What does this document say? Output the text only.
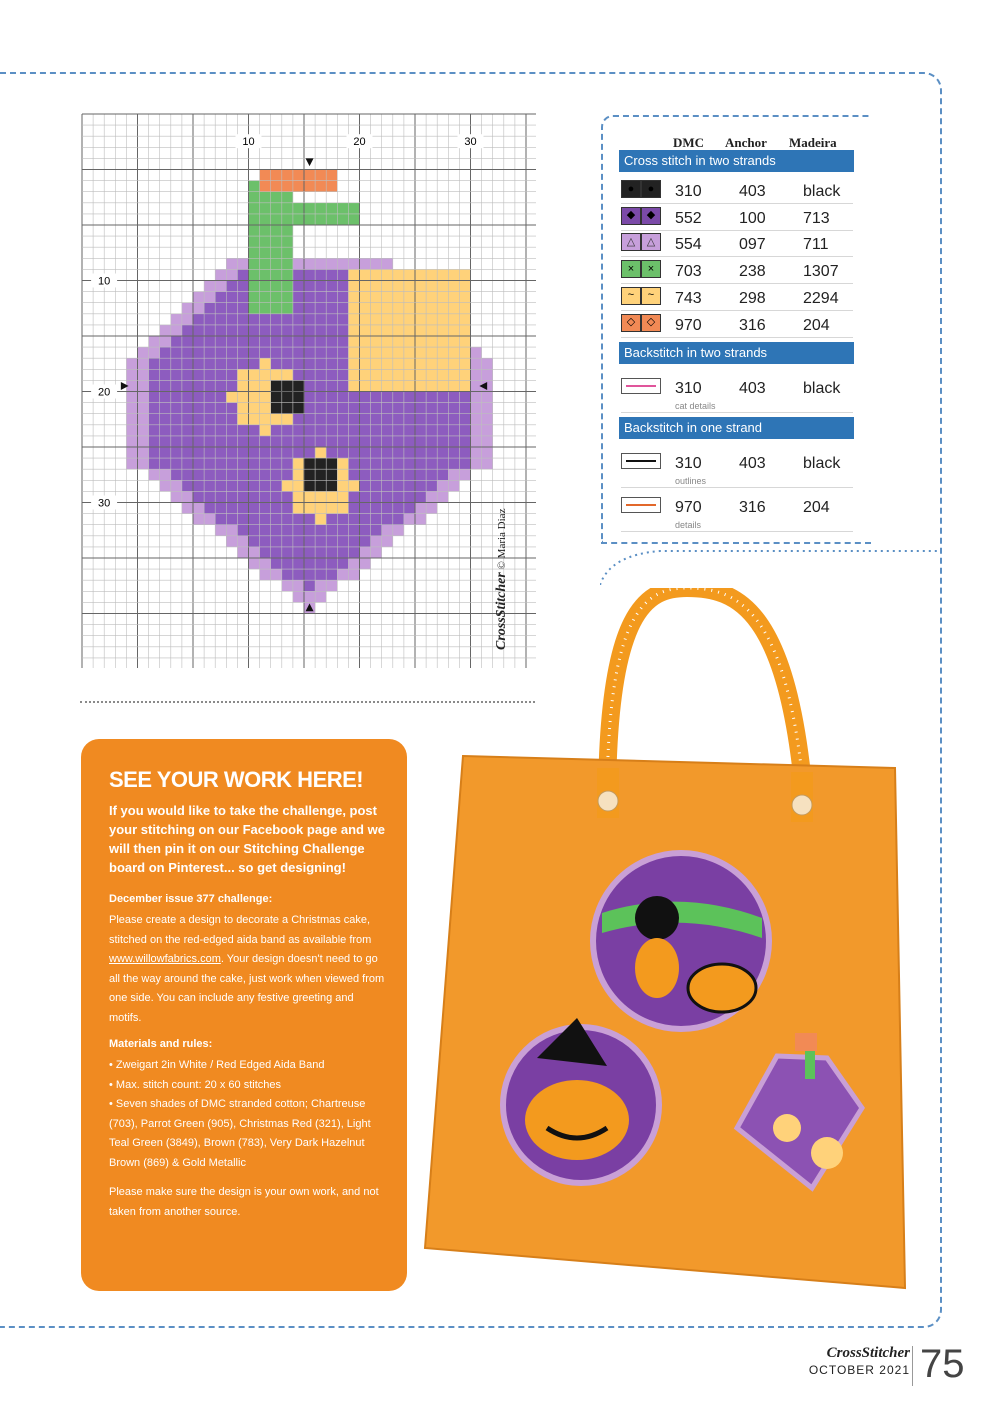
10	20	30
10
20
30
CrossStitcher © Maria Diaz
DMC Anchor Madeira
Cross stitch in two strands
●	●	310 403 black
◆	◆	552 100 713
△	△	554 097 711
×	×	703 238 1307
~	~	743 298 2294
◇	◇	970 316 204
Backstitch in two strands
310 403 black
cat details
Backstitch in one strand
310 403 black
outlines
970 316 204
details
SEE YOUR WORK HERE!

If you would like to take the challenge, post your stitching on our Facebook page and we will then pin it on our Stitching Challenge board on Pinterest... so get designing!

December issue 377 challenge:

Please create a design to decorate a Christmas cake, stitched on the red-edged aida band as available from www.willowfabrics.com. Your design doesn't need to go all the way around the cake, just work when viewed from one side. You can include any festive greeting and motifs.

Materials and rules:

• Zweigart 2in White / Red Edged Aida Band
• Max. stitch count: 20 x 60 stitches
• Seven shades of DMC stranded cotton; Chartreuse (703), Parrot Green (905), Christmas Red (321), Light Teal Green (3849), Brown (783), Very Dark Hazelnut Brown (869) & Gold Metallic

Please make sure the design is your own work, and not taken from another source.

CrossStitcher
OCTOBER 2021 75
